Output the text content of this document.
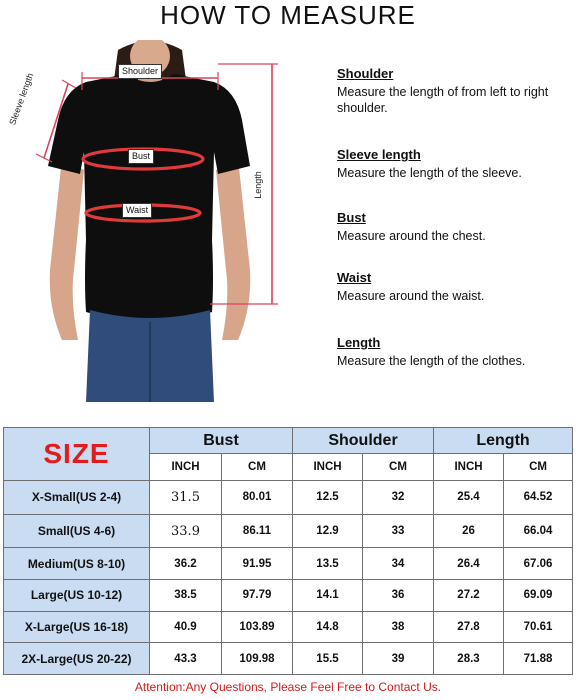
HOW TO MEASURE
Shoulder
Sleeve length
Bust
Waist
Length
Shoulder
Measure the length of from left to right shoulder.
Sleeve length
Measure the length of the sleeve.
Bust
Measure around the chest.
Waist
Measure around the waist.
Length
Measure the length of the clothes.
SIZE	Bust		Shoulder		Length	
	INCH	CM	INCH	CM	INCH	CM
X-Small(US 2-4)	31.5	80.01	12.5	32	25.4	64.52
Small(US 4-6)	33.9	86.11	12.9	33	26	66.04
Medium(US 8-10)	36.2	91.95	13.5	34	26.4	67.06
Large(US 10-12)	38.5	97.79	14.1	36	27.2	69.09
X-Large(US 16-18)	40.9	103.89	14.8	38	27.8	70.61
2X-Large(US 20-22)	43.3	109.98	15.5	39	28.3	71.88
Attention:Any Questions, Please Feel Free to Contact Us.
